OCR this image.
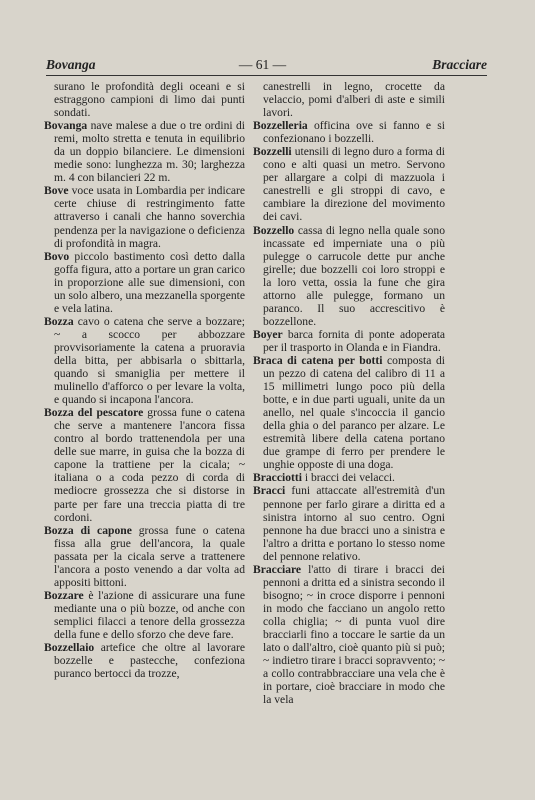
Bovanga	— 61 —	Bracciare

surano le profondità degli oceani e si estraggono campioni di limo dai punti sondati.

Bovanga nave malese a due o tre ordini di remi, molto stretta e tenuta in equilibrio da un doppio bilanciere. Le dimensioni medie sono: lunghezza m. 30; larghezza m. 4 con bilancieri 22 m.

Bove voce usata in Lombardia per indicare certe chiuse di restringimento fatte attraverso i canali che hanno soverchia pendenza per la navigazione o deficienza di profondità in magra.

Bovo piccolo bastimento così detto dalla goffa figura, atto a portare un gran carico in proporzione alle sue dimensioni, con un solo albero, una mezzanella sporgente e vela latina.

Bozza cavo o catena che serve a bozzare; ~ a scocco per abbozzare provvisoriamente la catena a pruoravia della bitta, per abbisarla o sbittarla, quando si smaniglia per mettere il mulinello d'afforco o per levare la volta, e quando si incapona l'ancora.

Bozza del pescatore grossa fune o catena che serve a mantenere l'ancora fissa contro al bordo trattenendola per una delle sue marre, in guisa che la bozza di capone la trattiene per la cicala; ~ italiana o a coda pezzo di corda di mediocre grossezza che si distorse in parte per fare una treccia piatta di tre cordoni.

Bozza di capone grossa fune o catena fissa alla grue dell'ancora, la quale passata per la cicala serve a trattenere l'ancora a posto venendo a dar volta ad appositi bittoni.

Bozzare è l'azione di assicurare una fune mediante una o più bozze, od anche con semplici filacci a tenore della grossezza della fune e dello sforzo che deve fare.

Bozzellaio artefice che oltre al lavorare bozzelle e pastecche, confeziona puranco bertocci da trozze,

canestrelli in legno, crocette da velaccio, pomi d'alberi di aste e simili lavori.

Bozzelleria officina ove si fanno e si confezionano i bozzelli.

Bozzelli utensili di legno duro a forma di cono e alti quasi un metro. Servono per allargare a colpi di mazzuola i canestrelli e gli stroppi di cavo, e cambiare la direzione del movimento dei cavi.

Bozzello cassa di legno nella quale sono incassate ed imperniate una o più pulegge o carrucole dette pur anche girelle; due bozzelli coi loro stroppi e la loro vetta, ossia la fune che gira attorno alle pulegge, formano un paranco. Il suo accrescitivo è bozzellone.

Boyer barca fornita di ponte adoperata per il trasporto in Olanda e in Fiandra.

Braca di catena per botti composta di un pezzo di catena del calibro di 11 a 15 millimetri lungo poco più della botte, e in due parti uguali, unite da un anello, nel quale s'incoccia il gancio della ghia o del paranco per alzare. Le estremità libere della catena portano due grampe di ferro per prendere le unghie opposte di una doga.

Bracciotti i bracci dei velacci.

Bracci funi attaccate all'estremità d'un pennone per farlo girare a diritta ed a sinistra intorno al suo centro. Ogni pennone ha due bracci uno a sinistra e l'altro a dritta e portano lo stesso nome del pennone relativo.

Bracciare l'atto di tirare i bracci dei pennoni a dritta ed a sinistra secondo il bisogno; ~ in croce disporre i pennoni in modo che facciano un angolo retto colla chiglia; ~ di punta vuol dire bracciarli fino a toccare le sartie da un lato o dall'altro, cioè quanto più si può; ~ indietro tirare i bracci sopravvento; ~ a collo contrabbracciare una vela che è in portare, cioè bracciare in modo che la vela
